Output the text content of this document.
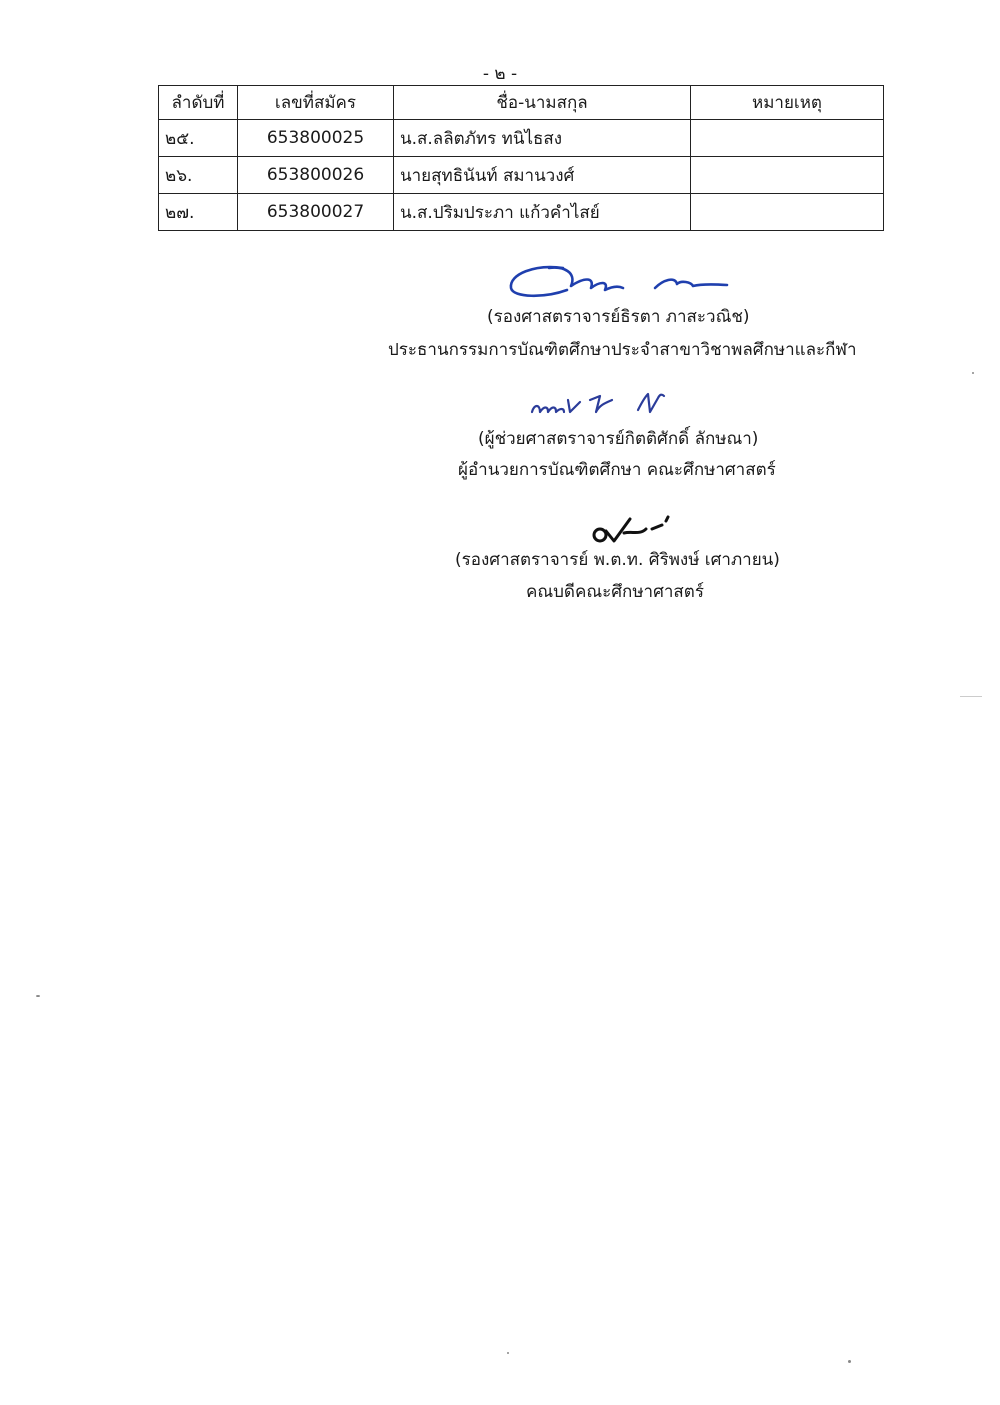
- ๒ -
ลำดับที่	เลขที่สมัคร	ชื่อ-นามสกุล	หมายเหตุ
๒๕.	653800025	น.ส.ลลิตภัทร ทนิไธสง	
๒๖.	653800026	นายสุทธินันท์ สมานวงศ์	
๒๗.	653800027	น.ส.ปริมประภา แก้วคำไสย์	
(รองศาสตราจารย์ธิรตา ภาสะวณิช)
ประธานกรรมการบัณฑิตศึกษาประจำสาขาวิชาพลศึกษาและกีฬา
(ผู้ช่วยศาสตราจารย์กิตติศักดิ์ ลักษณา)
ผู้อำนวยการบัณฑิตศึกษา คณะศึกษาศาสตร์
(รองศาสตราจารย์ พ.ต.ท. ศิริพงษ์ เศาภายน)
คณบดีคณะศึกษาศาสตร์
